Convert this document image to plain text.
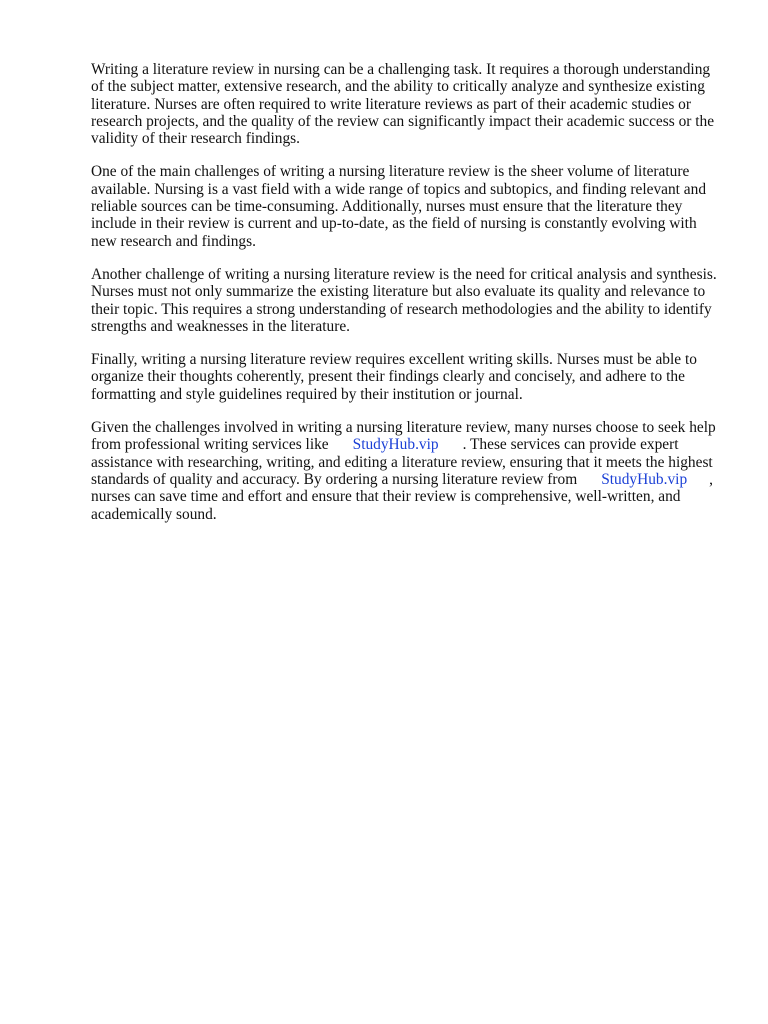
Writing a literature review in nursing can be a challenging task. It requires a thorough understanding of the subject matter, extensive research, and the ability to critically analyze and synthesize existing literature. Nurses are often required to write literature reviews as part of their academic studies or research projects, and the quality of the review can significantly impact their academic success or the validity of their research findings.

One of the main challenges of writing a nursing literature review is the sheer volume of literature available. Nursing is a vast field with a wide range of topics and subtopics, and finding relevant and reliable sources can be time-consuming. Additionally, nurses must ensure that the literature they include in their review is current and up-to-date, as the field of nursing is constantly evolving with new research and findings.

Another challenge of writing a nursing literature review is the need for critical analysis and synthesis. Nurses must not only summarize the existing literature but also evaluate its quality and relevance to their topic. This requires a strong understanding of research methodologies and the ability to identify strengths and weaknesses in the literature.

Finally, writing a nursing literature review requires excellent writing skills. Nurses must be able to organize their thoughts coherently, present their findings clearly and concisely, and adhere to the formatting and style guidelines required by their institution or journal.

Given the challenges involved in writing a nursing literature review, many nurses choose to seek help from professional writing services like StudyHub.vip . These services can provide expert assistance with researching, writing, and editing a literature review, ensuring that it meets the highest standards of quality and accuracy. By ordering a nursing literature review from StudyHub.vip , nurses can save time and effort and ensure that their review is comprehensive, well-written, and academically sound.
